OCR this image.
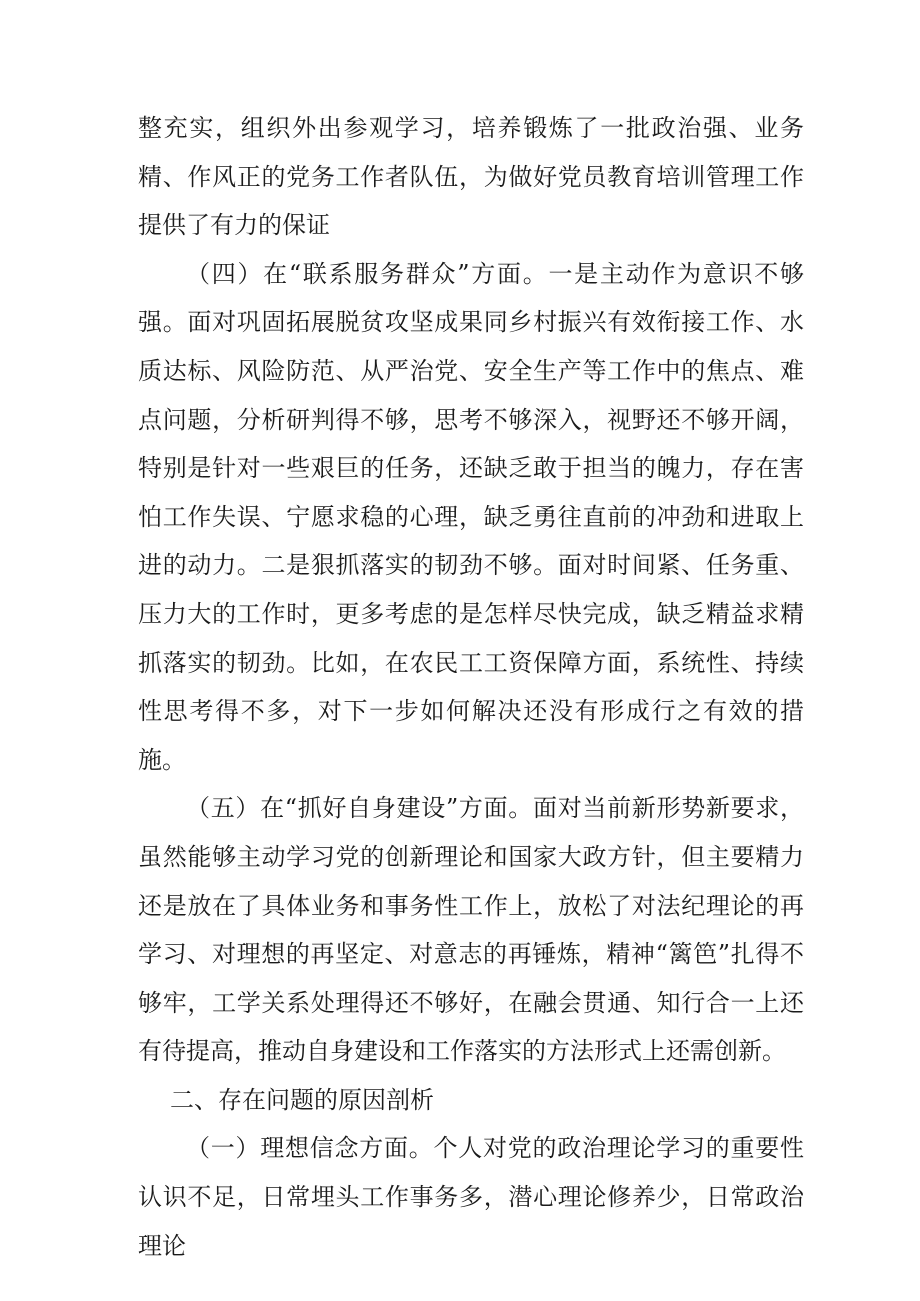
整充实，组织外出参观学习，培养锻炼了一批政治强、业务精、作风正的党务工作者队伍，为做好党员教育培训管理工作提供了有力的保证

（四）在“联系服务群众”方面。一是主动作为意识不够强。面对巩固拓展脱贫攻坚成果同乡村振兴有效衔接工作、水质达标、风险防范、从严治党、安全生产等工作中的焦点、难点问题，分析研判得不够，思考不够深入，视野还不够开阔，特别是针对一些艰巨的任务，还缺乏敢于担当的魄力，存在害怕工作失误、宁愿求稳的心理，缺乏勇往直前的冲劲和进取上进的动力。二是狠抓落实的韧劲不够。面对时间紧、任务重、压力大的工作时，更多考虑的是怎样尽快完成，缺乏精益求精抓落实的韧劲。比如，在农民工工资保障方面，系统性、持续性思考得不多，对下一步如何解决还没有形成行之有效的措施。

（五）在“抓好自身建设”方面。面对当前新形势新要求，虽然能够主动学习党的创新理论和国家大政方针，但主要精力还是放在了具体业务和事务性工作上，放松了对法纪理论的再学习、对理想的再坚定、对意志的再锤炼，精神“篱笆”扎得不够牢，工学关系处理得还不够好，在融会贯通、知行合一上还有待提高，推动自身建设和工作落实的方法形式上还需创新。

二、存在问题的原因剖析

（一）理想信念方面。个人对党的政治理论学习的重要性认识不足，日常埋头工作事务多，潜心理论修养少，日常政治理论
